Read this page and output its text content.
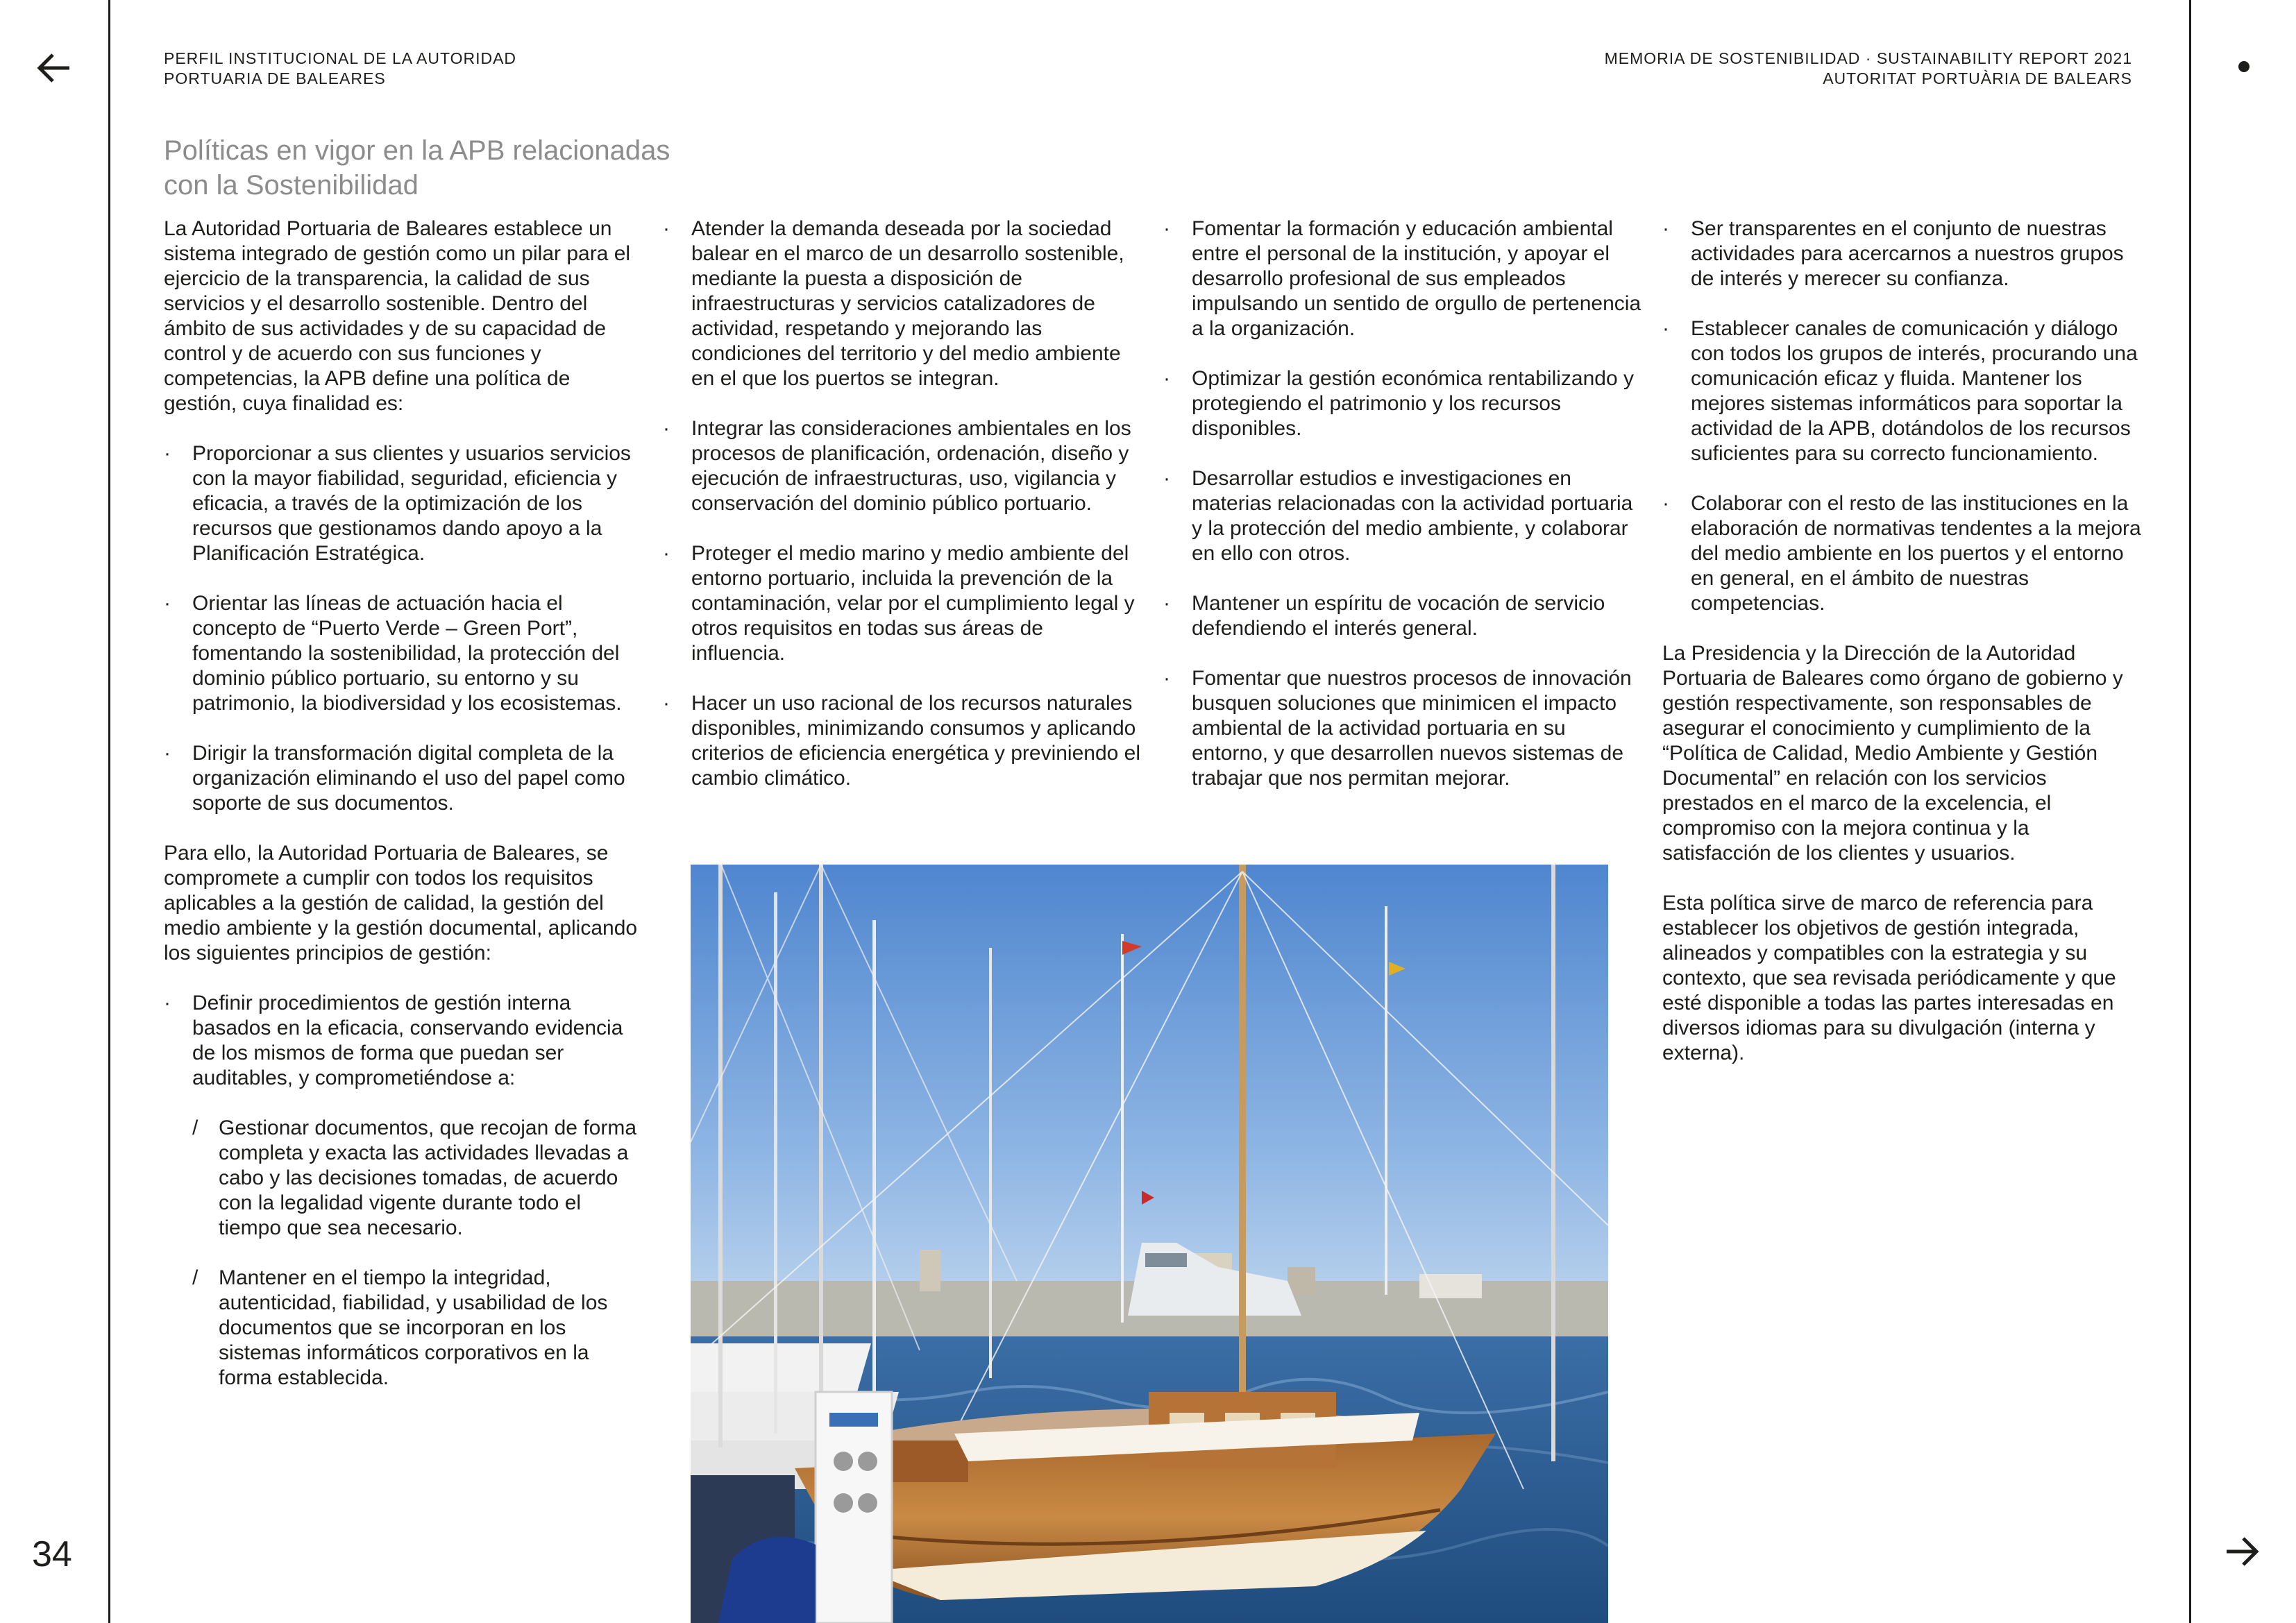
34
PERFIL INSTITUCIONAL DE LA AUTORIDAD
PORTUARIA DE BALEARES
MEMORIA DE SOSTENIBILIDAD · SUSTAINABILITY REPORT 2021
AUTORITAT PORTUÀRIA DE BALEARS
Políticas en vigor en la APB relacionadas con la Sostenibilidad

La Autoridad Portuaria de Baleares establece un sistema integrado de gestión como un pilar para el ejercicio de la transparencia, la calidad de sus servicios y el desarrollo sostenible. Dentro del ámbito de sus actividades y de su capacidad de control y de acuerdo con sus funciones y competencias, la APB define una política de gestión, cuya finalidad es:

· Proporcionar a sus clientes y usuarios servicios con la mayor fiabilidad, seguridad, eficiencia y eficacia, a través de la optimización de los recursos que gestionamos dando apoyo a la Planificación Estratégica.
· Orientar las líneas de actuación hacia el concepto de “Puerto Verde – Green Port”, fomentando la sostenibilidad, la protección del dominio público portuario, su entorno y su patrimonio, la biodiversidad y los ecosistemas.
· Dirigir la transformación digital completa de la organización eliminando el uso del papel como soporte de sus documentos.

Para ello, la Autoridad Portuaria de Baleares, se compromete a cumplir con todos los requisitos aplicables a la gestión de calidad, la gestión del medio ambiente y la gestión documental, aplicando los siguientes principios de gestión:

· Definir procedimientos de gestión interna basados en la eficacia, conservando evidencia de los mismos de forma que puedan ser auditables, y comprometiéndose a:
/ Gestionar documentos, que recojan de forma completa y exacta las actividades llevadas a cabo y las decisiones tomadas, de acuerdo con la legalidad vigente durante todo el tiempo que sea necesario.
/ Mantener en el tiempo la integridad, autenticidad, fiabilidad, y usabilidad de los documentos que se incorporan en los sistemas informáticos corporativos en la forma establecida.
· Atender la demanda deseada por la sociedad balear en el marco de un desarrollo sostenible, mediante la puesta a disposición de infraestructuras y servicios catalizadores de actividad, respetando y mejorando las condiciones del territorio y del medio ambiente en el que los puertos se integran.
· Integrar las consideraciones ambientales en los procesos de planificación, ordenación, diseño y ejecución de infraestructuras, uso, vigilancia y conservación del dominio público portuario.
· Proteger el medio marino y medio ambiente del entorno portuario, incluida la prevención de la contaminación, velar por el cumplimiento legal y otros requisitos en todas sus áreas de influencia.
· Hacer un uso racional de los recursos naturales disponibles, minimizando consumos y aplicando criterios de eficiencia energética y previniendo el cambio climático.
· Fomentar la formación y educación ambiental entre el personal de la institución, y apoyar el desarrollo profesional de sus empleados impulsando un sentido de orgullo de pertenencia a la organización.
· Optimizar la gestión económica rentabilizando y protegiendo el patrimonio y los recursos disponibles.
· Desarrollar estudios e investigaciones en materias relacionadas con la actividad portuaria y la protección del medio ambiente, y colaborar en ello con otros.
· Mantener un espíritu de vocación de servicio defendiendo el interés general.
· Fomentar que nuestros procesos de innovación busquen soluciones que minimicen el impacto ambiental de la actividad portuaria en su entorno, y que desarrollen nuevos sistemas de trabajar que nos permitan mejorar.
· Ser transparentes en el conjunto de nuestras actividades para acercarnos a nuestros grupos de interés y merecer su confianza.
· Establecer canales de comunicación y diálogo con todos los grupos de interés, procurando una comunicación eficaz y fluida. Mantener los mejores sistemas informáticos para soportar la actividad de la APB, dotándolos de los recursos suficientes para su correcto funcionamiento.
· Colaborar con el resto de las instituciones en la elaboración de normativas tendentes a la mejora del medio ambiente en los puertos y el entorno en general, en el ámbito de nuestras competencias.

La Presidencia y la Dirección de la Autoridad Portuaria de Baleares como órgano de gobierno y gestión respectivamente, son responsables de asegurar el conocimiento y cumplimiento de la “Política de Calidad, Medio Ambiente y Gestión Documental” en relación con los servicios prestados en el marco de la excelencia, el compromiso con la mejora continua y la satisfacción de los clientes y usuarios.

Esta política sirve de marco de referencia para establecer los objetivos de gestión integrada, alineados y compatibles con la estrategia y su contexto, que sea revisada periódicamente y que esté disponible a todas las partes interesadas en diversos idiomas para su divulgación (interna y externa).
